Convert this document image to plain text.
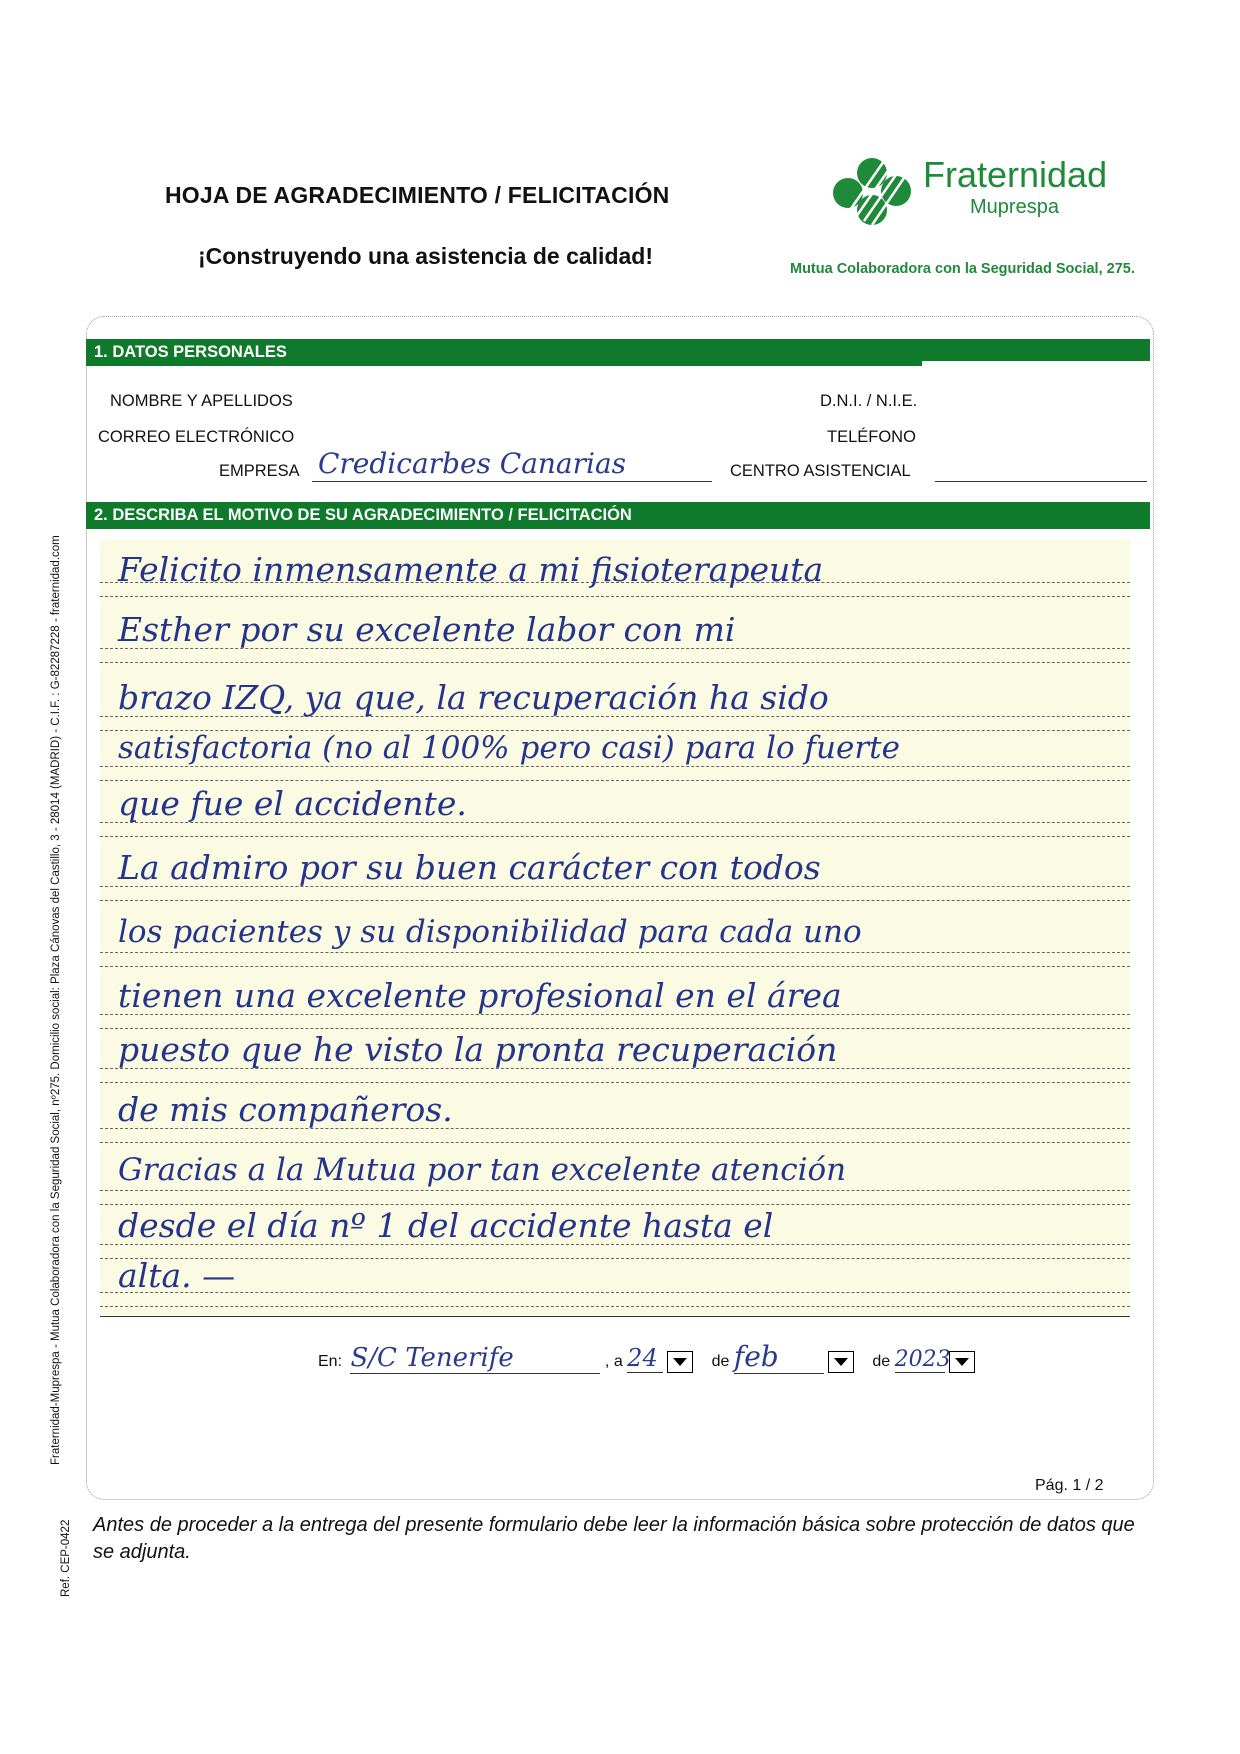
HOJA DE AGRADECIMIENTO / FELICITACIÓN
¡Construyendo una asistencia de calidad!
Fraternidad
Muprespa
Mutua Colaboradora con la Seguridad Social, 275.
1. DATOS PERSONALES
NOMBRE Y APELLIDOS
CORREO ELECTRÓNICO
EMPRESA Credicarbes Canarias
D.N.I. / N.I.E.
TELÉFONO
CENTRO ASISTENCIAL
2. DESCRIBA EL MOTIVO DE SU AGRADECIMIENTO / FELICITACIÓN
Felicito inmensamente a mi fisioterapeuta
Esther por su excelente labor con mi
brazo IZQ, ya que, la recuperación ha sido
satisfactoria (no al 100% pero casi) para lo fuerte
que fue el accidente.
La admiro por su buen carácter con todos
los pacientes y su disponibilidad para cada uno
tienen una excelente profesional en el área
puesto que he visto la pronta recuperación
de mis compañeros.
Gracias a la Mutua por tan excelente atención
desde el día nº 1 del accidente hasta el
alta. —
En: S/C Tenerife	, a 24	de feb	de 2023
Pág. 1 / 2
Antes de proceder a la entrega del presente formulario debe leer la información básica sobre protección de datos que se adjunta.
Fraternidad-Muprespa - Mutua Colaboradora con la Seguridad Social, nº275. Domicilio social: Plaza Cánovas del Castillo, 3 - 28014 (MADRID) - C.I.F. : G-82287228 - fraternidad.com
Ref. CEP-0422
